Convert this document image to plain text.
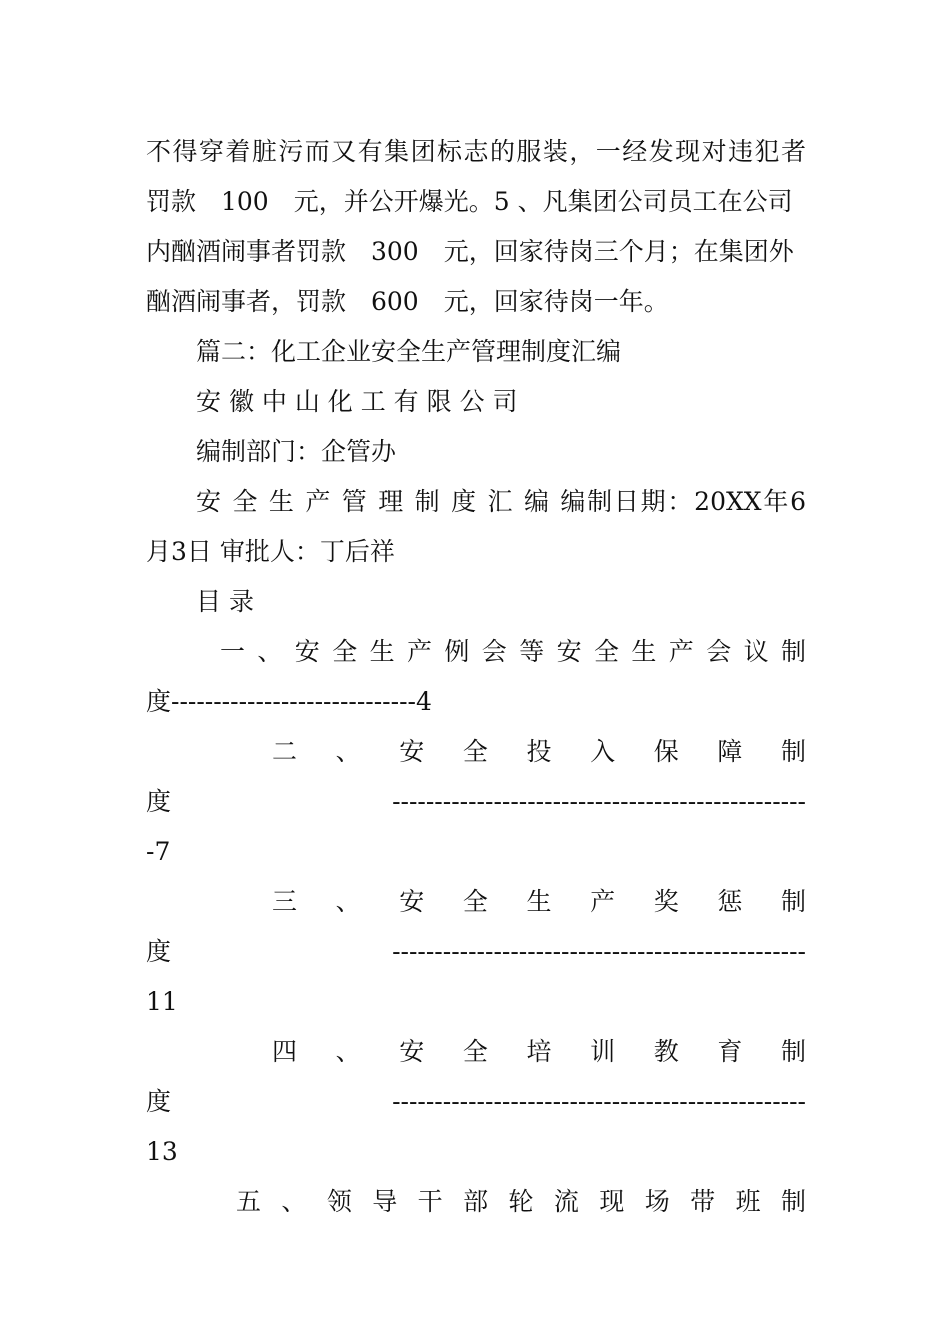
不得穿着脏污而又有集团标志的服装，一经发现对违犯者
罚款　100　元，并公开爆光。5 、凡集团公司员工在公司
内酗酒闹事者罚款　300　元，回家待岗三个月；在集团外
酗酒闹事者，罚款　600　元，回家待岗一年。
篇二：化工企业安全生产管理制度汇编
安 徽 中 山 化 工 有 限 公 司
编制部门：企管办
安 全 生 产 管 理 制 度 汇 编 编制日期：20XX年6
月3日 审批人：丁后祥
目 录
一 、 安 全 生 产 例 会 等 安 全 生 产 会 议 制
度-----------------------------4
二 、 安 全 投 入 保 障 制
度 -------------------------------------------------
-7
三 、 安 全 生 产 奖 惩 制
度 -------------------------------------------------
11
四 、 安 全 培 训 教 育 制
度 -------------------------------------------------
13
五 、 领 导 干 部 轮 流 现 场 带 班 制
